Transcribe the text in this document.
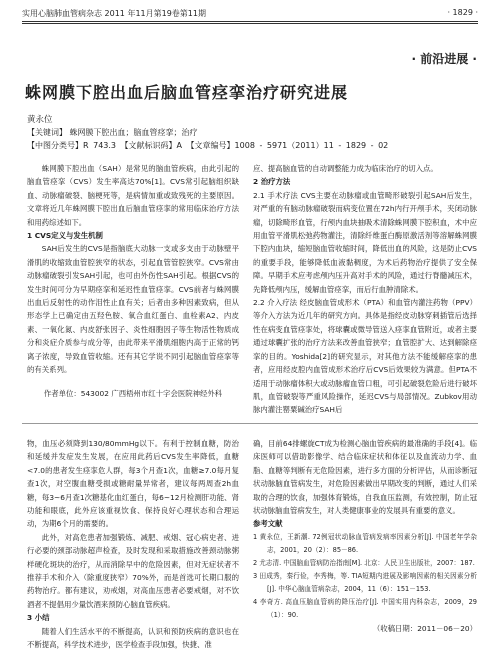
实用心脑肺血管病杂志 2011 年11月第19卷第11期	· 1829 ·
· 前沿进展 ·
蛛网膜下腔出血后脑血管痉挛治疗研究进展
黄永位
【关键词】 蛛网膜下腔出血；脑血管痉挛；治疗
【中图分类号】R 743.3 【文献标识码】A 【文章编号】1008 - 5971（2011）11 - 1829 - 02

蛛网膜下腔出血（SAH）是常见的脑血管疾病，由此引起的脑血管痉挛（CVS）发生率高达70%[1]。CVS常引起脑组织缺血、动脉瘤破裂、脑梗死等，是病情加重或致残死的主要原因。文章将近几年蛛网膜下腔出血后脑血管痉挛的常用临床治疗方法和用药综述如下。

1 CVS定义与发生机制

SAH后发生的CVS是指脑底大动脉一支或多支由于动脉壁平滑肌的收缩致血管腔狭窄的状态，引起血管管腔狭窄。CVS常由动脉瘤破裂引发SAH引起，也可由外伤性SAH引起。根据CVS的发生时间可分为早期痉挛和延迟性血管痉挛。CVS前者与蛛网膜出血后反射性的动作泪性止血有关；后者由多种因素致病，但从形态学上已确定由五羟色胺、氧合血红蛋白、血栓素A2、内皮素、一氧化氮、内皮舒张因子、炎性细胞因子等生物活性物质成分和炎症介质参与成分等，由此带来平滑肌细胞内高于正常的钙离子浓度，导致血管收缩。还有其它学说不同引起脑血管痉挛等的有关系列。

作者单位：543002 广西梧州市红十字会医院神经外科

应、提高脑血管的自动调整能力成为临床治疗的切入点。

2 治疗方法

2.1 手术疗法 CVS主要在动脉瘤或血管畸形破裂引起SAH后发生，对严重的有脑动脉瘤破裂而病变位置在72h内行开颅手术，夹闭动脉瘤，切除畸形血管，行颅内血块抽吸术清除蛛网膜下腔积血，术中应用血管平滑肌松弛药物灌注，清除纤维蛋白酶原激活剂等溶解蛛网膜下腔内血块，缩短脑血管收缩时间，降低出血的风险，这是防止CVS的重要手段，能够降低血液黏稠度，为术后药物治疗提供了安全保障。早期手术应考虑颅内压升高对手术的风险，通过行脊髓减压术，先降低颅内压，缓解血管痉挛，而后行血肿清除术。

2.2 介入疗法 经皮脑血管成形术（PTA）和血管内灌注药物（PPV）等介入方法为近几年的研究方向。具体是指经皮动脉穿刺插管后选择性在病变血管痉挛处，将球囊或微导管送入痉挛血管附近，或者主要通过球囊扩张的治疗方法来改善血管狭窄；血管腔扩大、达到解除痉挛的目的。Yoshida[2]的研究显示，对其他方法不能缓解痉挛的患者，应用经皮腔内血管成形术治疗后CVS后效果较为满意。但PTA不适用于动脉瘤体积大或动脉瘤血管口粗，可引起破裂危险后进行破坏肌，血管破裂等严重风险操作，延迟CVS与局部情况。Zubkov用动脉内灌注罂粟碱治疗SAH后

物，血压必须降到130/80mmHg以下。有利于控制血糖，防治和延缓并发症发生发展，在应用此药后CVS发生率降低，血糖<7.0的患者发生痉挛危人群，每3个月查1次，血糖≥7.0每月复查1次，对空腹血糖受损或糖耐量异常者，建议每两周查2h血糖，每3~6月查1次糖基化血红蛋白，每6~12月检测肝功能、肾功能和眼底，此外应该重视饮食、保持良好心理状态和合理运动，为期6个月的需要的。

此外，对高危患者加强锻炼、减肥、戒烟、冠心病史者、进行必要的颈部动脉超声检查，及时发现和采取措施改善颈动脉粥样硬化斑块的治疗，从而消除早中的危险因素，但对无症状者不推荐手术和介入（除重度狭窄）70%外，而是首选可长期口服的药物治疗。都有建议，劝戒烟，对高血压患者必要戒烟，对不饮酒者不提倡用少量饮酒来预防心脑血管疾病。

3 小结

随着人们生活水平的不断提高，认识和预防疾病的意识也在不断提高，科学技术进步，医学检查手段加强，快捷、准

确，目前64排螺旋CT成为检测心脑血管疾病的最准确的手段[4]。临床医师可以借助影像学、结合临床症状和体征以及血流动力学、血脂、血糖等判断有无危险因素，进行多方面的分析评估，从而诊断冠状动脉脑血管病发生，对危险因素做出早期改变的判断，通过人们采取的合理的饮食，加强体育锻炼，自我血压监测，有效控制，防止冠状动脉脑血管病发生，对人类健康事业的发展具有重要的意义。

参考文献

1 黄永位，王新潮. 72例冠状动脉血管病发病率因素分析[J]. 中国老年学杂志，2001，20（2）：85－86.

2 尤志清. 中国脑血管病防治指南[M]. 北京：人民卫生出版社，2007：187.

3 田成秀，秦行俭，李秀梅，等. TIA短期内进展及影响因素的相关因素分析[J]. 中华心脑血管病杂志，2004，11（6）：151－153.

4 李奇方. 高血压脑血管病的降压治疗[J]. 中国实用内科杂志，2009，29（1）：90.

（收稿日期：2011－06－20）
